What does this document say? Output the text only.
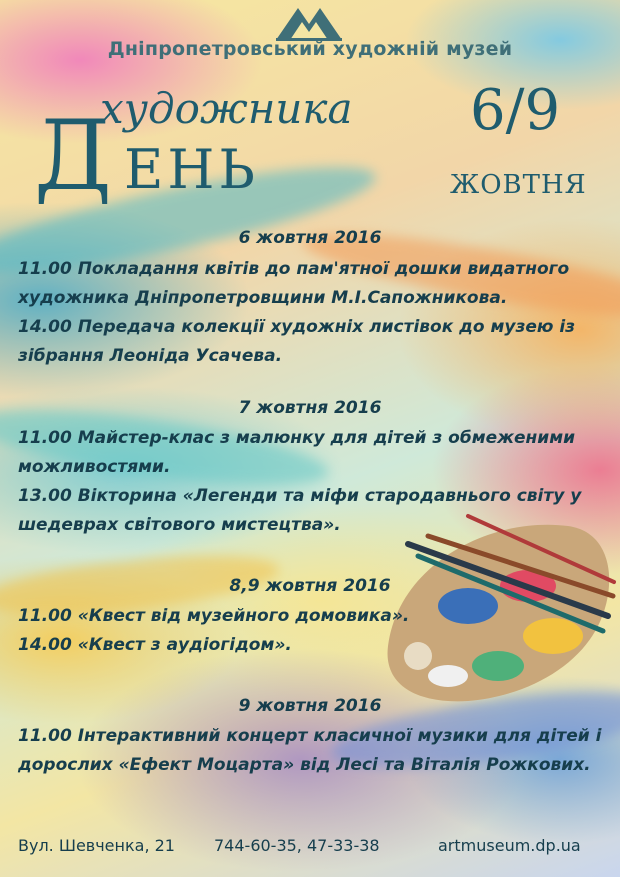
Дніпропетровський художній музей
художника
Д ЕНЬ
6/9
ЖОВТНЯ
6 жовтня 2016
11.00 Покладання квітів до пам'ятної дошки видатного
художника Дніпропетровщини М.І.Сапожникова.
14.00 Передача колекції художніх листівок до музею із
зібрання Леоніда Усачева.
7 жовтня 2016
11.00 Майстер-клас з малюнку для дітей з обмеженими
можливостями.
13.00 Вікторина «Легенди та міфи стародавнього світу у
шедеврах світового мистецтва».
8,9 жовтня 2016
11.00 «Квест від музейного домовика».
14.00 «Квест з аудіогідом».
9 жовтня 2016
11.00 Інтерактивний концерт класичної музики для дітей і
дорослих «Ефект Моцарта» від Лесі та Віталія Рожкових.
Вул. Шевченка, 21 744-60-35, 47-33-38	artmuseum.dp.ua
